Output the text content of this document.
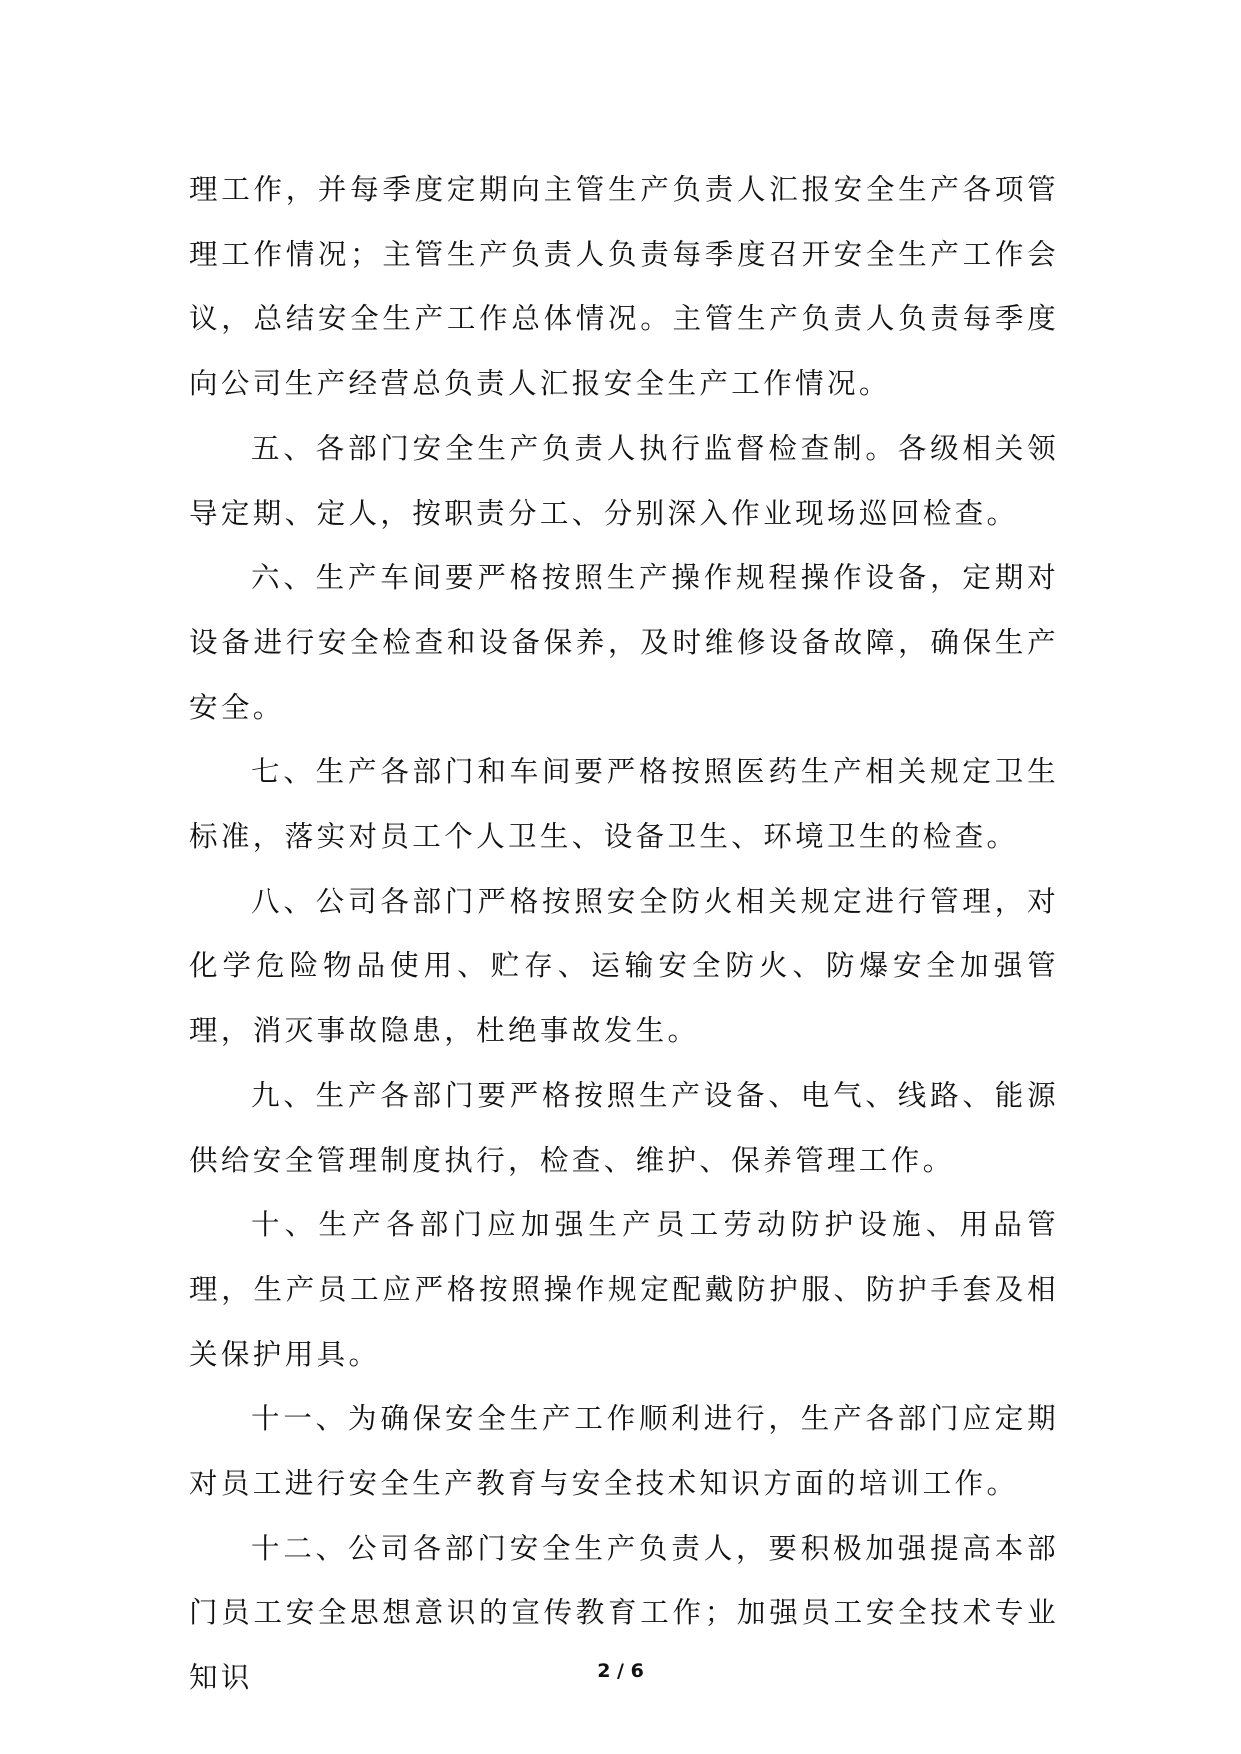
理工作，并每季度定期向主管生产负责人汇报安全生产各项管理工作情况；主管生产负责人负责每季度召开安全生产工作会议，总结安全生产工作总体情况。主管生产负责人负责每季度向公司生产经营总负责人汇报安全生产工作情况。

五、各部门安全生产负责人执行监督检查制。各级相关领导定期、定人，按职责分工、分别深入作业现场巡回检查。

六、生产车间要严格按照生产操作规程操作设备，定期对设备进行安全检查和设备保养，及时维修设备故障，确保生产安全。

七、生产各部门和车间要严格按照医药生产相关规定卫生标准，落实对员工个人卫生、设备卫生、环境卫生的检查。

八、公司各部门严格按照安全防火相关规定进行管理，对化学危险物品使用、贮存、运输安全防火、防爆安全加强管理，消灭事故隐患，杜绝事故发生。

九、生产各部门要严格按照生产设备、电气、线路、能源供给安全管理制度执行，检查、维护、保养管理工作。

十、生产各部门应加强生产员工劳动防护设施、用品管理，生产员工应严格按照操作规定配戴防护服、防护手套及相关保护用具。

十一、为确保安全生产工作顺利进行，生产各部门应定期对员工进行安全生产教育与安全技术知识方面的培训工作。

十二、公司各部门安全生产负责人，要积极加强提高本部门员工安全思想意识的宣传教育工作；加强员工安全技术专业知识	2 / 6
